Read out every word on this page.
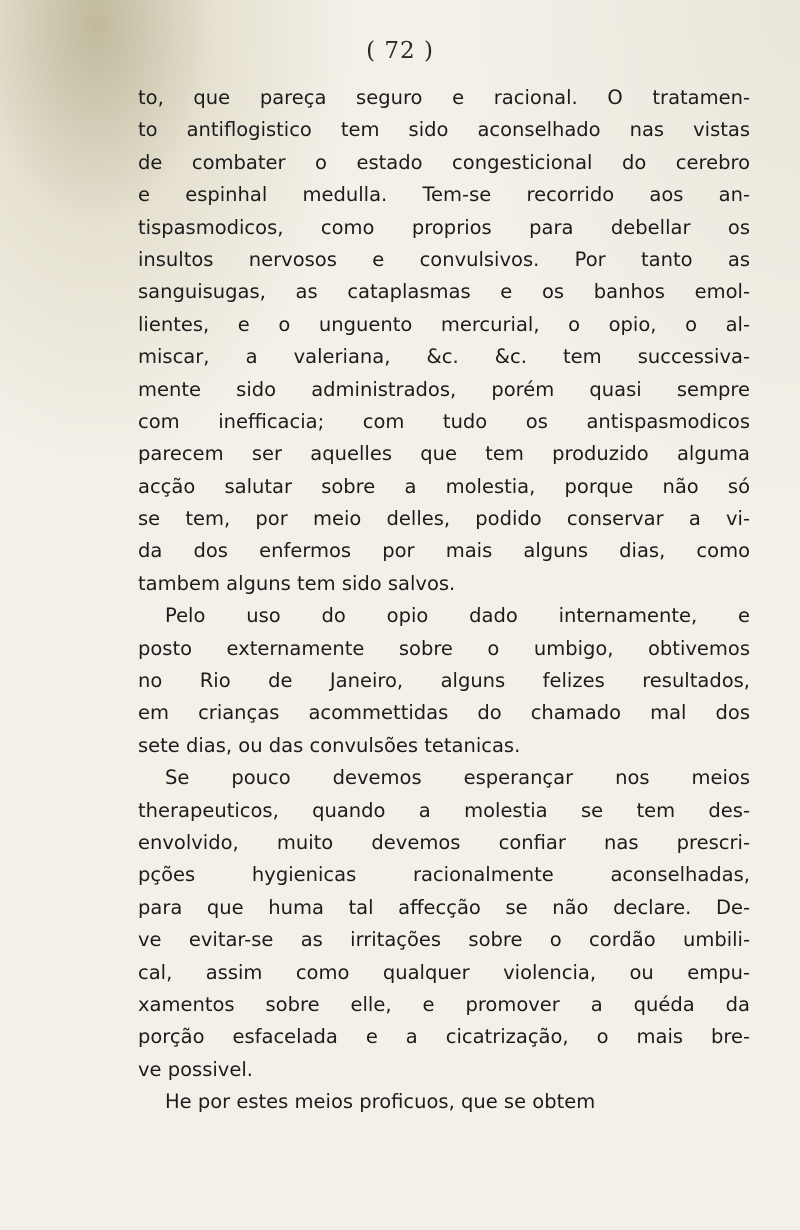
( 72 )
to, que pareça seguro e racional. O tratamen-
to antiflogistico tem sido aconselhado nas vistas
de combater o estado congesticional do cerebro
e espinhal medulla. Tem-se recorrido aos an-
tispasmodicos, como proprios para debellar os
insultos nervosos e convulsivos. Por tanto as
sanguisugas, as cataplasmas e os banhos emol-
lientes, e o unguento mercurial, o opio, o al-
miscar, a valeriana, &c. &c. tem successiva-
mente sido administrados, porém quasi sempre
com inefficacia; com tudo os antispasmodicos
parecem ser aquelles que tem produzido alguma
acção salutar sobre a molestia, porque não só
se tem, por meio delles, podido conservar a vi-
da dos enfermos por mais alguns dias, como
tambem alguns tem sido salvos.
Pelo uso do opio dado internamente, e
posto externamente sobre o umbigo, obtivemos
no Rio de Janeiro, alguns felizes resultados,
em crianças acommettidas do chamado mal dos
sete dias, ou das convulsões tetanicas.
Se pouco devemos esperançar nos meios
therapeuticos, quando a molestia se tem des-
envolvido, muito devemos confiar nas prescri-
pções hygienicas racionalmente aconselhadas,
para que huma tal affecção se não declare. De-
ve evitar-se as irritações sobre o cordão umbili-
cal, assim como qualquer violencia, ou empu-
xamentos sobre elle, e promover a quéda da
porção esfacelada e a cicatrização, o mais bre-
ve possivel.
He por estes meios proficuos, que se obtem
